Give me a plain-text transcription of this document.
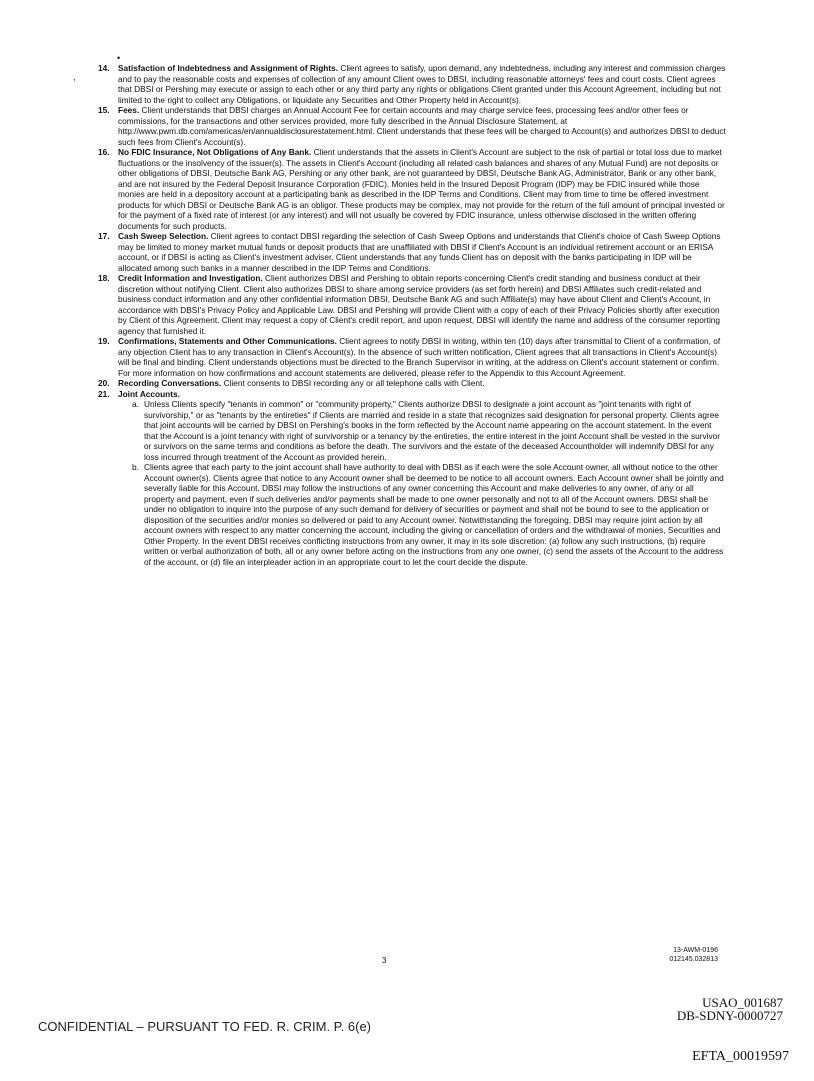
•
,
14. Satisfaction of Indebtedness and Assignment of Rights. Client agrees to satisfy, upon demand, any indebtedness, including any interest and commission charges and to pay the reasonable costs and expenses of collection of any amount Client owes to DBSI, including reasonable attorneys' fees and court costs. Client agrees that DBSI or Pershing may execute or assign to each other or any third party any rights or obligations Client granted under this Account Agreement, including but not limited to the right to collect any Obligations, or liquidate any Securities and Other Property held in Account(s).
15. Fees. Client understands that DBSI charges an Annual Account Fee for certain accounts and may charge service fees, processing fees and/or other fees or commissions, for the transactions and other services provided, more fully described in the Annual Disclosure Statement, at http://www.pwm.db.com/americas/en/annualdisclosurestatement.html. Client understands that these fees will be charged to Account(s) and authorizes DBSI to deduct such fees from Client's Account(s).
16. No FDIC Insurance, Not Obligations of Any Bank. Client understands that the assets in Client's Account are subject to the risk of partial or total loss due to market fluctuations or the insolvency of the issuer(s). The assets in Client's Account (including all related cash balances and shares of any Mutual Fund) are not deposits or other obligations of DBSI, Deutsche Bank AG, Pershing or any other bank, are not guaranteed by DBSI, Deutsche Bank AG, Administrator, Bank or any other bank, and are not insured by the Federal Deposit Insurance Corporation (FDIC). Monies held in the Insured Deposit Program (IDP) may be FDIC insured while those monies are held in a depository account at a participating bank as described in the IDP Terms and Conditions. Client may from time to time be offered investment products for which DBSI or Deutsche Bank AG is an obligor. These products may be complex, may not provide for the return of the full amount of principal invested or for the payment of a fixed rate of interest (or any interest) and will not usually be covered by FDIC insurance, unless otherwise disclosed in the written offering documents for such products.
17. Cash Sweep Selection. Client agrees to contact DBSI regarding the selection of Cash Sweep Options and understands that Client's choice of Cash Sweep Options may be limited to money market mutual funds or deposit products that are unaffiliated with DBSI if Client's Account is an individual retirement account or an ERISA account, or if DBSI is acting as Client's investment adviser. Client understands that any funds Client has on deposit with the banks participating in IDP will be allocated among such banks in a manner described in the IDP Terms and Conditions.
18. Credit Information and Investigation. Client authorizes DBSI and Pershing to obtain reports concerning Client's credit standing and business conduct at their discretion without notifying Client. Client also authorizes DBSI to share among service providers (as set forth herein) and DBSI Affiliates such credit-related and business conduct information and any other confidential information DBSI, Deutsche Bank AG and such Affiliate(s) may have about Client and Client's Account, in accordance with DBSI's Privacy Policy and Applicable Law. DBSI and Pershing will provide Client with a copy of each of their Privacy Policies shortly after execution by Client of this Agreement. Client may request a copy of Client's credit report, and upon request, DBSI will identify the name and address of the consumer reporting agency that furnished it.
19. Confirmations, Statements and Other Communications. Client agrees to notify DBSI in writing, within ten (10) days after transmittal to Client of a confirmation, of any objection Client has to any transaction in Client's Account(s). In the absence of such written notification, Client agrees that all transactions in Client's Account(s) will be final and binding. Client understands objections must be directed to the Branch Supervisor in writing, at the address on Client's account statement or confirm. For more information on how confirmations and account statements are delivered, please refer to the Appendix to this Account Agreement.
20. Recording Conversations. Client consents to DBSI recording any or all telephone calls with Client.
21. Joint Accounts.
a. Unless Clients specify "tenants in common" or "community property," Clients authorize DBSI to designate a joint account as "joint tenants with right of survivorship," or as "tenants by the entireties" if Clients are married and reside in a state that recognizes said designation for personal property. Clients agree that joint accounts will be carried by DBSI on Pershing's books in the form reflected by the Account name appearing on the account statement. In the event that the Account is a joint tenancy with right of survivorship or a tenancy by the entireties, the entire interest in the joint Account shall be vested in the survivor or survivors on the same terms and conditions as before the death. The survivors and the estate of the deceased Accountholder will indemnify DBSI for any loss incurred through treatment of the Account as provided herein.
b. Clients agree that each party to the joint account shall have authority to deal with DBSI as if each were the sole Account owner, all without notice to the other Account owner(s). Clients agree that notice to any Account owner shall be deemed to be notice to all account owners. Each Account owner shall be jointly and severally liable for this Account. DBSI may follow the instructions of any owner concerning this Account and make deliveries to any owner, of any or all property and payment, even if such deliveries and/or payments shall be made to one owner personally and not to all of the Account owners. DBSI shall be under no obligation to inquire into the purpose of any such demand for delivery of securities or payment and shall not be bound to see to the application or disposition of the securities and/or monies so delivered or paid to any Account owner. Notwithstanding the foregoing, DBSI may require joint action by all account owners with respect to any matter concerning the account, including the giving or cancellation of orders and the withdrawal of monies, Securities and Other Property. In the event DBSI receives conflicting instructions from any owner, it may in its sole discretion: (a) follow any such instructions, (b) require written or verbal authorization of both, all or any owner before acting on the instructions from any one owner, (c) send the assets of the Account to the address of the account, or (d) file an interpleader action in an appropriate court to let the court decide the dispute.
3
13-AWM-0196
012145.032813
CONFIDENTIAL – PURSUANT TO FED. R. CRIM. P. 6(e)
USAO_001687
DB-SDNY-0000727
EFTA_00019597
